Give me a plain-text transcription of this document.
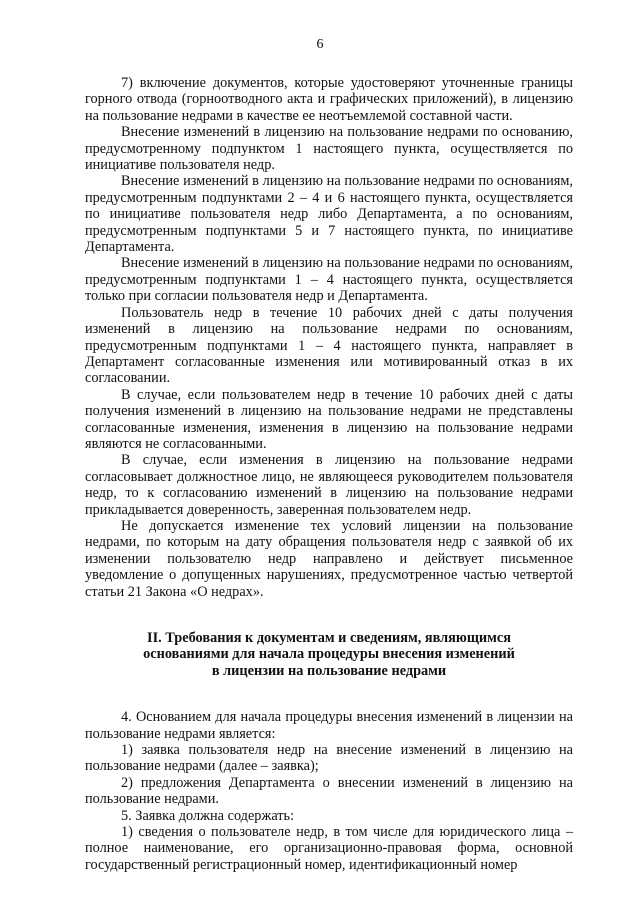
6

7) включение документов, которые удостоверяют уточненные границы горного отвода (горноотводного акта и графических приложений), в лицензию на пользование недрами в качестве ее неотъемлемой составной части.

Внесение изменений в лицензию на пользование недрами по основанию, предусмотренному подпунктом 1 настоящего пункта, осуществляется по инициативе пользователя недр.

Внесение изменений в лицензию на пользование недрами по основаниям, предусмотренным подпунктами 2 – 4 и 6 настоящего пункта, осуществляется по инициативе пользователя недр либо Департамента, а по основаниям, предусмотренным подпунктами 5 и 7 настоящего пункта, по инициативе Департамента.

Внесение изменений в лицензию на пользование недрами по основаниям, предусмотренным подпунктами 1 – 4 настоящего пункта, осуществляется только при согласии пользователя недр и Департамента.

Пользователь недр в течение 10 рабочих дней с даты получения изменений в лицензию на пользование недрами по основаниям, предусмотренным подпунктами 1 – 4 настоящего пункта, направляет в Департамент согласованные изменения или мотивированный отказ в их согласовании.

В случае, если пользователем недр в течение 10 рабочих дней с даты получения изменений в лицензию на пользование недрами не представлены согласованные изменения, изменения в лицензию на пользование недрами являются не согласованными.

В случае, если изменения в лицензию на пользование недрами согласовывает должностное лицо, не являющееся руководителем пользователя недр, то к согласованию изменений в лицензию на пользование недрами прикладывается доверенность, заверенная пользователем недр.

Не допускается изменение тех условий лицензии на пользование недрами, по которым на дату обращения пользователя недр с заявкой об их изменении пользователю недр направлено и действует письменное уведомление о допущенных нарушениях, предусмотренное частью четвертой статьи 21 Закона «О недрах».

II. Требования к документам и сведениям, являющимся
основаниями для начала процедуры внесения изменений
в лицензии на пользование недрами

4. Основанием для начала процедуры внесения изменений в лицензии на пользование недрами является:

1) заявка пользователя недр на внесение изменений в лицензию на пользование недрами (далее – заявка);

2) предложения Департамента о внесении изменений в лицензию на пользование недрами.

5. Заявка должна содержать:

1) сведения о пользователе недр, в том числе для юридического лица – полное наименование, его организационно-правовая форма, основной государственный регистрационный номер, идентификационный номер
